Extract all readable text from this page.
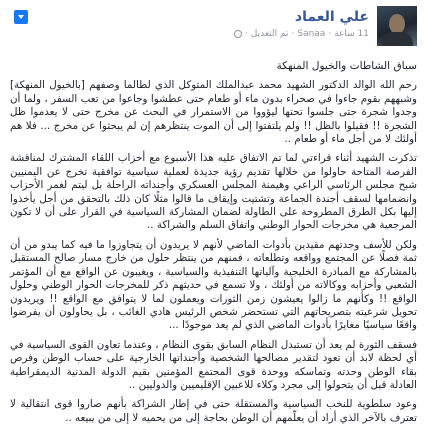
علي العماد
11 ساعة
·
Sanaa
·
تم التعديل
·

سباق الشاطات والخيول المنهكة

رحم الله الوالد الدكتور الشهيد محمد عبدالملك المتوكل الذي لطالما وصفهم [بالخيول المنهكة] وشبههم بقوم جاءوا في صحراء بدون ماء أو طعام حتى عطشوا وجاعوا من تعب السفر ، ولما أن وجدوا شجرة حتى جلسوا تحتها ليؤووا من الاستمرار في البحث عن مخرج حتى لا يعدموا ظل الشجرة !! فقيلوا بالظل !! ولم يلتفتوا إلى أن الموت ينتظرهم إن لم يبحثوا عن مخرج ... فلا هم أولئك لا من أجل ماء أو طعام ..

تذكرت الشهيد أثناء قراءتي لما تم الاتفاق عليه هذا الأسبوع مع أحزاب اللقاء المشترك لمناقشة الفرصة المتاحة حاولوا من خلالها تقديم رؤية جديدة لعملية سياسية توافقية تخرج عن اليمنيين شبح مجلس الرئاسي الراعي وهيمنة المجلس العسكري وأجنداته الراحلة بل ليتم لغمر الأحزاب وانضمامها لسقف أجندة الجماعة وتشتيت وإيقاف ما قالوا مثلًا كان ذلك بالتحقق من أجل يأخذوا إليها بكل الطرق المطروحة على الطاولة لضمان المشاركة السياسية في القرار على أن لا تكون المرجعية هي مخرجات الحوار الوطني واتفاق السلم والشراكة ..

ولكن للأسف وجدتهم مقيدين بأدوات الماضي لأنهم لا يريدون أن يتجاوزوا ما فيه كما يبدو من أن ثمة فصلًا عن المجتمع وواقعه وتطلعاته ، فمنهم من ينتظر حلول من خارج مسار صالح المستقبل بالمشاركة مع المبادرة الخليجية وآلياتها التنفيذية والسياسية ، ويغيبون عن الواقع مع أن المؤتمر الشعبي وأحزابه ووكالاته من أولئك ، ولا تسمع في حديثهم ذكر للمخرجات الحوار الوطني وحلول الواقع !! وكأنهم ما زالوا يعيشون زمن الثورات ويعملون لما لا يتوافق مع الواقع !! ويريدون تحويل شرعيته بتصريحاتهم التي تستحضر شخص الرئيس هادي الغائب ، بل يحاولون أن يفرضوا واقعًا سياسيًا مغايرًا بأدوات الماضي الذي لم يعد موجودًا ...

فسقف الثورة لم يعد أن تستبدل النظام السابق بقوى النظام ، وعندما تعاون القوى السياسية في أي لحظة لابد أن تعود لتقدير مصالحها الشخصية وأجنداتها الخارجية على حساب الوطن وفرص بقاء الوطن وحدته وتماسكه ووحدة قوى المجتمع المؤمنين بقيم الدولة المدنية الديمقراطية العادلة قبل أن يتحولوا إلى مجرد وكلاء للاعبين الإقليميين والدوليين ..

وعود سلطوية للنخب السياسية والمستقلة حتى في إطار الشراكة بأنهم صاروا قوى انتقالية لا تعترف بالآخر الذي أراد أن يعلّمهم أن الوطن بحاجة إلى من يحميه لا إلى من يبيعه ..
